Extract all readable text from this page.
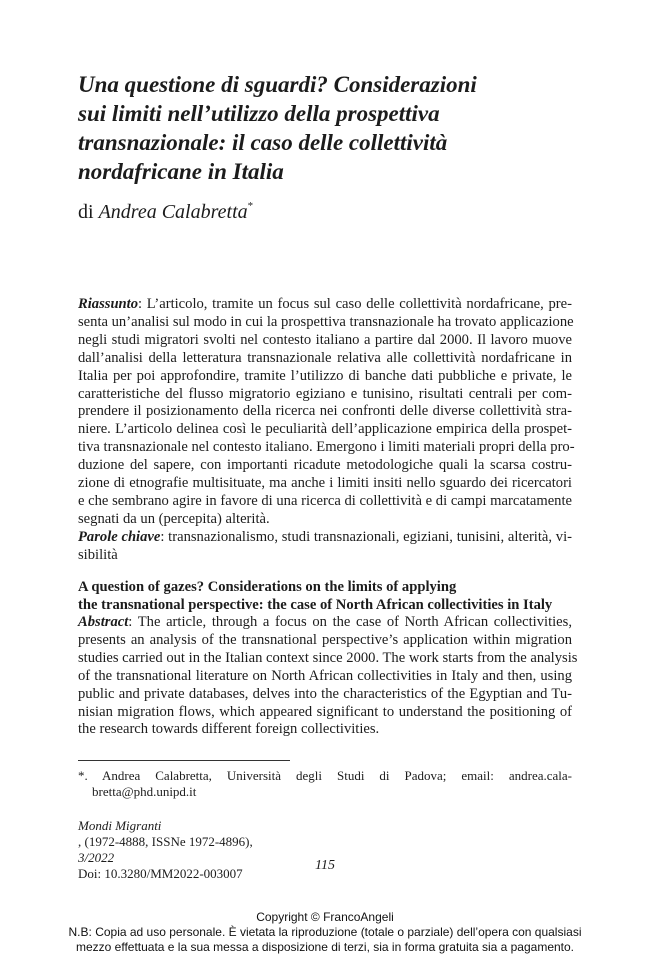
Una questione di sguardi? Considerazioni
sui limiti nell’utilizzo della prospettiva
transnazionale: il caso delle collettività
nordafricane in Italia
di Andrea Calabretta*
Riassunto: L’articolo, tramite un focus sul caso delle collettività nordafricane, pre-
senta un’analisi sul modo in cui la prospettiva transnazionale ha trovato applicazione
negli studi migratori svolti nel contesto italiano a partire dal 2000. Il lavoro muove
dall’analisi della letteratura transnazionale relativa alle collettività nordafricane in
Italia per poi approfondire, tramite l’utilizzo di banche dati pubbliche e private, le
caratteristiche del flusso migratorio egiziano e tunisino, risultati centrali per com-
prendere il posizionamento della ricerca nei confronti delle diverse collettività stra-
niere. L’articolo delinea così le peculiarità dell’applicazione empirica della prospet-
tiva transnazionale nel contesto italiano. Emergono i limiti materiali propri della pro-
duzione del sapere, con importanti ricadute metodologiche quali la scarsa costru-
zione di etnografie multisituate, ma anche i limiti insiti nello sguardo dei ricercatori
e che sembrano agire in favore di una ricerca di collettività e di campi marcatamente
segnati da un (percepita) alterità.
Parole chiave: transnazionalismo, studi transnazionali, egiziani, tunisini, alterità, vi-
sibilità
A question of gazes? Considerations on the limits of applying
the transnational perspective: the case of North African collectivities in Italy
Abstract: The article, through a focus on the case of North African collectivities,
presents an analysis of the transnational perspective’s application within migration
studies carried out in the Italian context since 2000. The work starts from the analysis
of the transnational literature on North African collectivities in Italy and then, using
public and private databases, delves into the characteristics of the Egyptian and Tu-
nisian migration flows, which appeared significant to understand the positioning of
the research towards different foreign collectivities.
*. Andrea Calabretta, Università degli Studi di Padova; email: andrea.cala-
bretta@phd.unipd.it
Mondi Migranti
, (1972-4888, ISSNe 1972-4896),
3/2022
Doi: 10.3280/MM2022-003007
115
Copyright © FrancoAngeli
N.B: Copia ad uso personale. È vietata la riproduzione (totale o parziale) dell’opera con qualsiasi
mezzo effettuata e la sua messa a disposizione di terzi, sia in forma gratuita sia a pagamento.
